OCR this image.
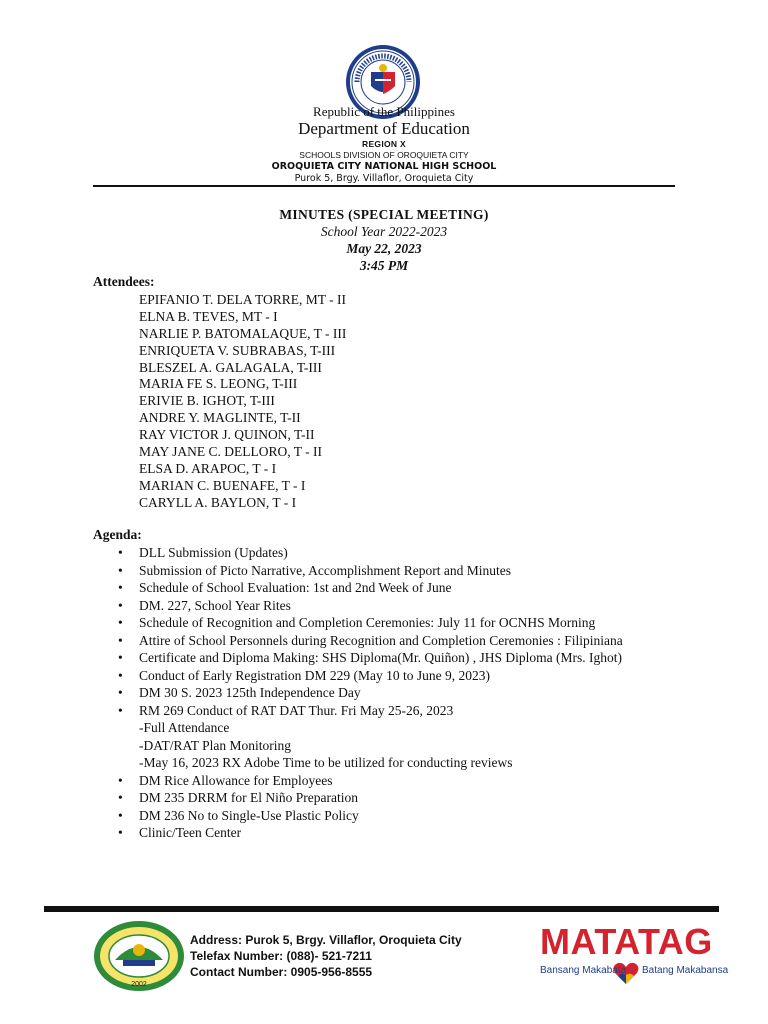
Republic of the Philippines
Department of Education
REGION X
SCHOOLS DIVISION OF OROQUIETA CITY
OROQUIETA CITY NATIONAL HIGH SCHOOL
Purok 5, Brgy. Villaflor, Oroquieta City
MINUTES (SPECIAL MEETING)
School Year 2022-2023
May 22, 2023
3:45 PM
Attendees:
EPIFANIO T. DELA TORRE, MT - II
ELNA B. TEVES, MT - I
NARLIE P. BATOMALAQUE, T - III
ENRIQUETA V. SUBRABAS, T-III
BLESZEL A. GALAGALA, T-III
MARIA FE S. LEONG, T-III
ERIVIE B. IGHOT, T-III
ANDRE Y. MAGLINTE, T-II
RAY VICTOR J. QUINON, T-II
MAY JANE C. DELLORO, T - II
ELSA D. ARAPOC, T - I
MARIAN C. BUENAFE, T - I
CARYLL A. BAYLON, T - I
Agenda:
• DLL Submission (Updates)
• Submission of Picto Narrative, Accomplishment Report and Minutes
• Schedule of School Evaluation: 1st and 2nd Week of June
• DM. 227, School Year Rites
• Schedule of Recognition and Completion Ceremonies: July 11 for OCNHS Morning
• Attire of School Personnels during Recognition and Completion Ceremonies : Filipiniana
• Certificate and Diploma Making: SHS Diploma(Mr. Quiñon) , JHS Diploma (Mrs. Ighot)
• Conduct of Early Registration DM 229 (May 10 to June 9, 2023)
• DM 30 S. 2023 125th Independence Day
• RM 269 Conduct of RAT DAT Thur. Fri May 25-26, 2023
-Full Attendance
-DAT/RAT Plan Monitoring
-May 16, 2023 RX Adobe Time to be utilized for conducting reviews
• DM Rice Allowance for Employees
• DM 235 DRRM for El Niño Preparation
• DM 236 No to Single-Use Plastic Policy
• Clinic/Teen Center
2002
Address: Purok 5, Brgy. Villaflor, Oroquieta City
Telefax Number: (088)- 521-7211
Contact Number: 0905-956-8555
MATATAG
Bansang Makabata Batang Makabansa
